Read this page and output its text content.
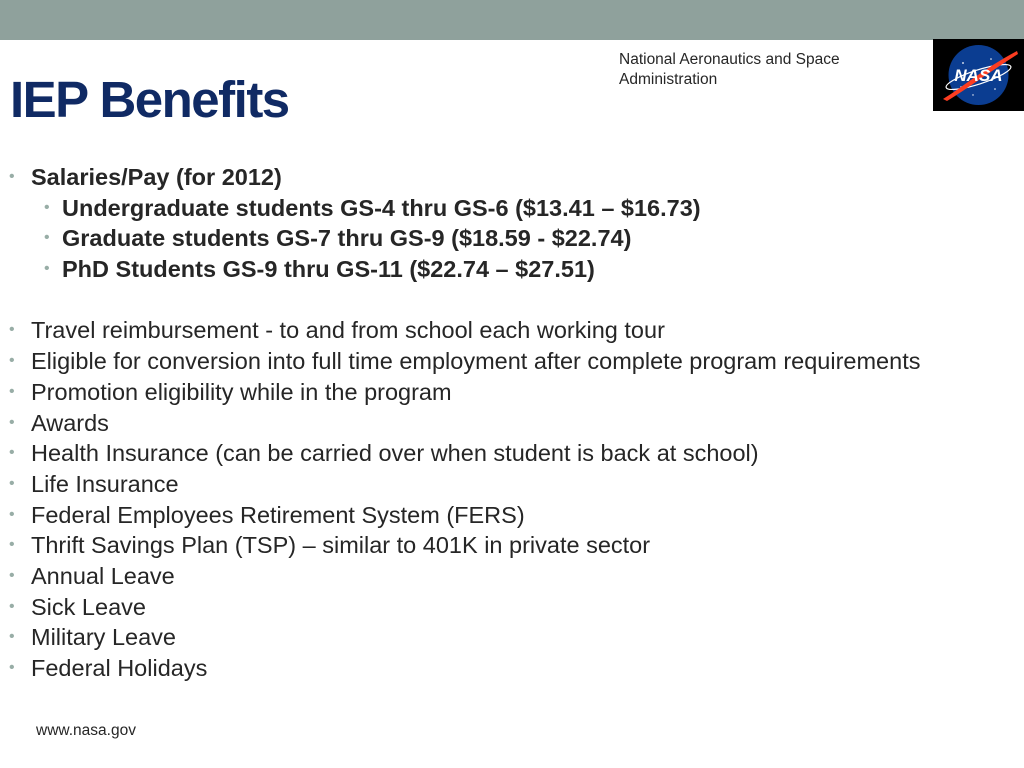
IEP Benefits
National Aeronautics and Space
Administration	NASA
• Salaries/Pay (for 2012)
• Undergraduate students GS-4 thru GS-6 ($13.41 – $16.73)
• Graduate students GS-7 thru GS-9 ($18.59 - $22.74)
• PhD Students GS-9 thru GS-11 ($22.74 – $27.51)
• Travel reimbursement - to and from school each working tour
• Eligible for conversion into full time employment after complete program requirements
• Promotion eligibility while in the program
• Awards
• Health Insurance (can be carried over when student is back at school)
• Life Insurance
• Federal Employees Retirement System (FERS)
• Thrift Savings Plan (TSP) – similar to 401K in private sector
• Annual Leave
• Sick Leave
• Military Leave
• Federal Holidays
www.nasa.gov
